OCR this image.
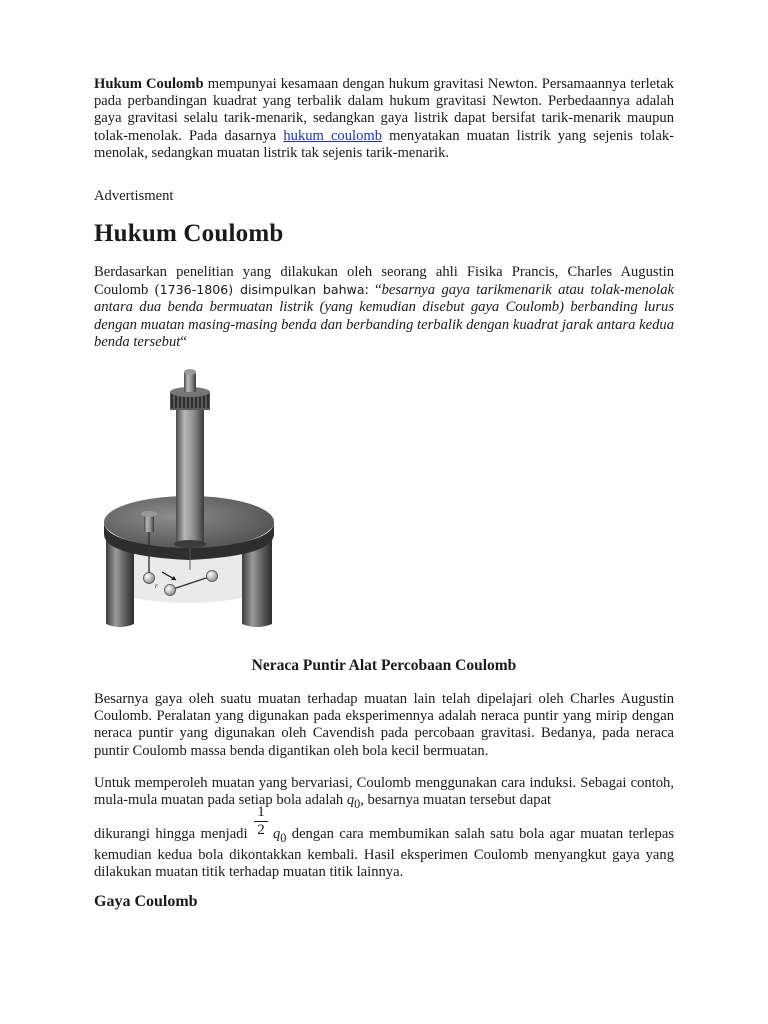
Hukum Coulomb mempunyai kesamaan dengan hukum gravitasi Newton. Persamaannya terletak pada perbandingan kuadrat yang terbalik dalam hukum gravitasi Newton. Perbedaannya adalah gaya gravitasi selalu tarik-menarik, sedangkan gaya listrik dapat bersifat tarik-menarik maupun tolak-menolak. Pada dasarnya hukum coulomb menyatakan muatan listrik yang sejenis tolak-menolak, sedangkan muatan listrik tak sejenis tarik-menarik.

Advertisment

Hukum Coulomb

Berdasarkan penelitian yang dilakukan oleh seorang ahli Fisika Prancis, Charles Augustin Coulomb (1736-1806) disimpulkan bahwa: “besarnya gaya tarikmenarik atau tolak-menolak antara dua benda bermuatan listrik (yang kemudian disebut gaya Coulomb) berbanding lurus dengan muatan masing-masing benda dan berbanding terbalik dengan kuadrat jarak antara kedua benda tersebut“

r

Neraca Puntir Alat Percobaan Coulomb

Besarnya gaya oleh suatu muatan terhadap muatan lain telah dipelajari oleh Charles Augustin Coulomb. Peralatan yang digunakan pada eksperimennya adalah neraca puntir yang mirip dengan neraca puntir yang digunakan oleh Cavendish pada percobaan gravitasi. Bedanya, pada neraca puntir Coulomb massa benda digantikan oleh bola kecil bermuatan.

Untuk memperoleh muatan yang bervariasi, Coulomb menggunakan cara induksi. Sebagai contoh, mula-mula muatan pada setiap bola adalah $q_0$, besarnya muatan tersebut dapat

$\frac{1}{2}$

dikurangi hingga menjadi $q_0$ dengan cara membumikan salah satu bola agar muatan terlepas kemudian kedua bola dikontakkan kembali. Hasil eksperimen Coulomb menyangkut gaya yang dilakukan muatan titik terhadap muatan titik lainnya.

Gaya Coulomb
